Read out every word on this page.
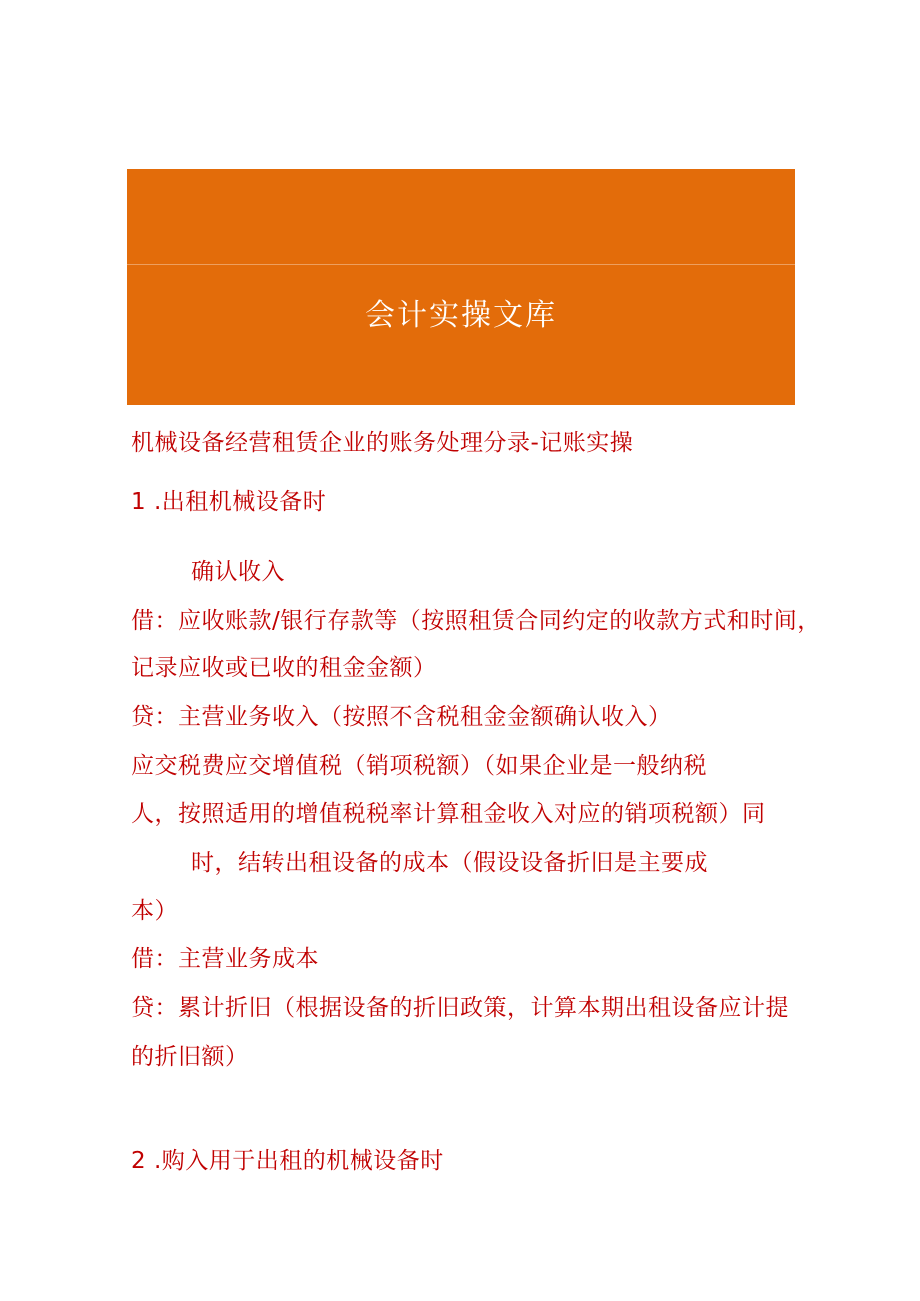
账务处理
会计实操文库
机械设备经营租赁企业的账务处理分录-记账实操
1 .出租机械设备时
确认收入
借：应收账款/银行存款等（按照租赁合同约定的收款方式和时间，
记录应收或已收的租金金额）
贷：主营业务收入（按照不含税租金金额确认收入）
应交税费应交增值税（销项税额）（如果企业是一般纳税
人，按照适用的增值税税率计算租金收入对应的销项税额）同
时，结转出租设备的成本（假设设备折旧是主要成
本）
借：主营业务成本
贷：累计折旧（根据设备的折旧政策，计算本期出租设备应计提
的折旧额）
2 .购入用于出租的机械设备时
